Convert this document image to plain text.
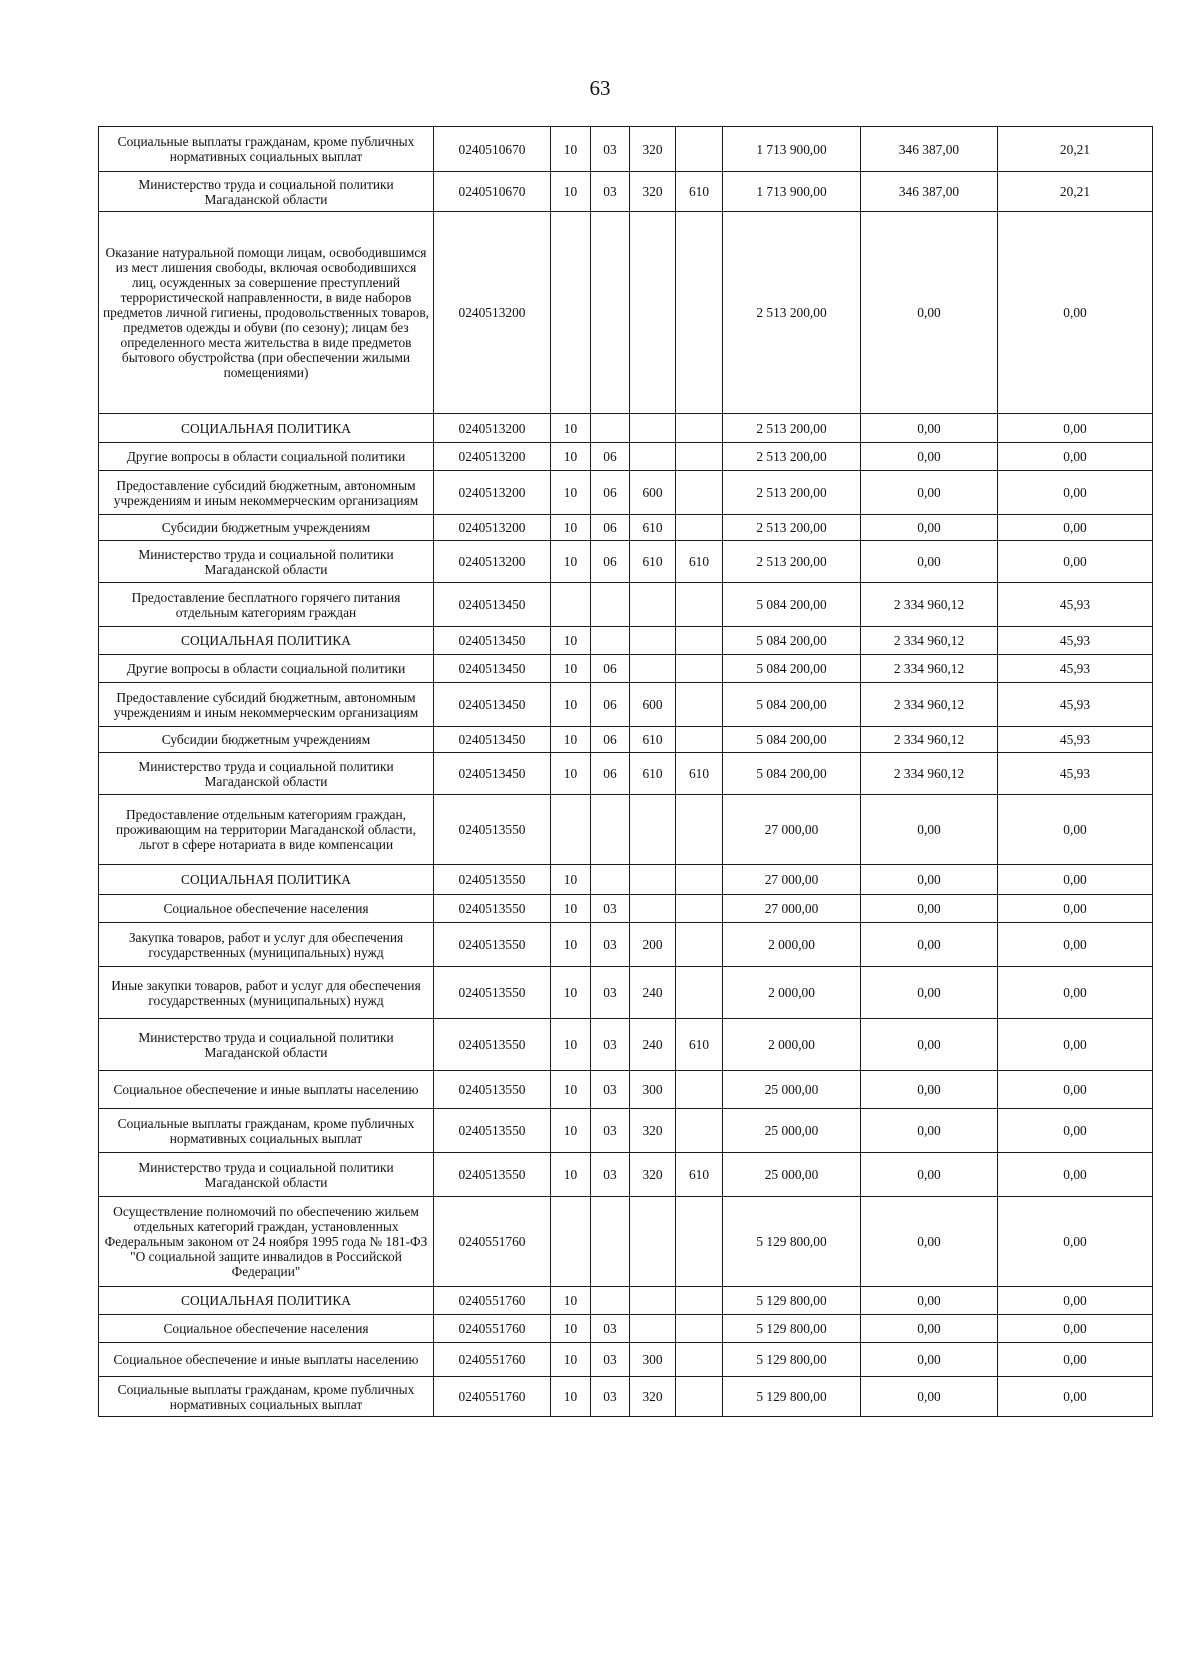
63
Социальные выплаты гражданам, кроме публичных нормативных социальных выплат	0240510670	10	03	320		1 713 900,00	346 387,00	20,21
Министерство труда и социальной политики Магаданской области	0240510670	10	03	320	610	1 713 900,00	346 387,00	20,21
Оказание натуральной помощи лицам, освободившимся из мест лишения свободы, включая освободившихся лиц, осужденных за совершение преступлений террористической направленности, в виде наборов предметов личной гигиены, продовольственных товаров, предметов одежды и обуви (по сезону); лицам без определенного места жительства в виде предметов бытового обустройства (при обеспечении жилыми помещениями)	0240513200					2 513 200,00	0,00	0,00
СОЦИАЛЬНАЯ ПОЛИТИКА	0240513200	10				2 513 200,00	0,00	0,00
Другие вопросы в области социальной политики	0240513200	10	06			2 513 200,00	0,00	0,00
Предоставление субсидий бюджетным, автономным учреждениям и иным некоммерческим организациям	0240513200	10	06	600		2 513 200,00	0,00	0,00
Субсидии бюджетным учреждениям	0240513200	10	06	610		2 513 200,00	0,00	0,00
Министерство труда и социальной политики Магаданской области	0240513200	10	06	610	610	2 513 200,00	0,00	0,00
Предоставление бесплатного горячего питания отдельным категориям граждан	0240513450					5 084 200,00	2 334 960,12	45,93
СОЦИАЛЬНАЯ ПОЛИТИКА	0240513450	10				5 084 200,00	2 334 960,12	45,93
Другие вопросы в области социальной политики	0240513450	10	06			5 084 200,00	2 334 960,12	45,93
Предоставление субсидий бюджетным, автономным учреждениям и иным некоммерческим организациям	0240513450	10	06	600		5 084 200,00	2 334 960,12	45,93
Субсидии бюджетным учреждениям	0240513450	10	06	610		5 084 200,00	2 334 960,12	45,93
Министерство труда и социальной политики Магаданской области	0240513450	10	06	610	610	5 084 200,00	2 334 960,12	45,93
Предоставление отдельным категориям граждан, проживающим на территории Магаданской области, льгот в сфере нотариата в виде компенсации	0240513550					27 000,00	0,00	0,00
СОЦИАЛЬНАЯ ПОЛИТИКА	0240513550	10				27 000,00	0,00	0,00
Социальное обеспечение населения	0240513550	10	03			27 000,00	0,00	0,00
Закупка товаров, работ и услуг для обеспечения государственных (муниципальных) нужд	0240513550	10	03	200		2 000,00	0,00	0,00
Иные закупки товаров, работ и услуг для обеспечения государственных (муниципальных) нужд	0240513550	10	03	240		2 000,00	0,00	0,00
Министерство труда и социальной политики Магаданской области	0240513550	10	03	240	610	2 000,00	0,00	0,00
Социальное обеспечение и иные выплаты населению	0240513550	10	03	300		25 000,00	0,00	0,00
Социальные выплаты гражданам, кроме публичных нормативных социальных выплат	0240513550	10	03	320		25 000,00	0,00	0,00
Министерство труда и социальной политики Магаданской области	0240513550	10	03	320	610	25 000,00	0,00	0,00
Осуществление полномочий по обеспечению жильем отдельных категорий граждан, установленных Федеральным законом от 24 ноября 1995 года № 181-ФЗ "О социальной защите инвалидов в Российской Федерации"	0240551760					5 129 800,00	0,00	0,00
СОЦИАЛЬНАЯ ПОЛИТИКА	0240551760	10				5 129 800,00	0,00	0,00
Социальное обеспечение населения	0240551760	10	03			5 129 800,00	0,00	0,00
Социальное обеспечение и иные выплаты населению	0240551760	10	03	300		5 129 800,00	0,00	0,00
Социальные выплаты гражданам, кроме публичных нормативных социальных выплат	0240551760	10	03	320		5 129 800,00	0,00	0,00
